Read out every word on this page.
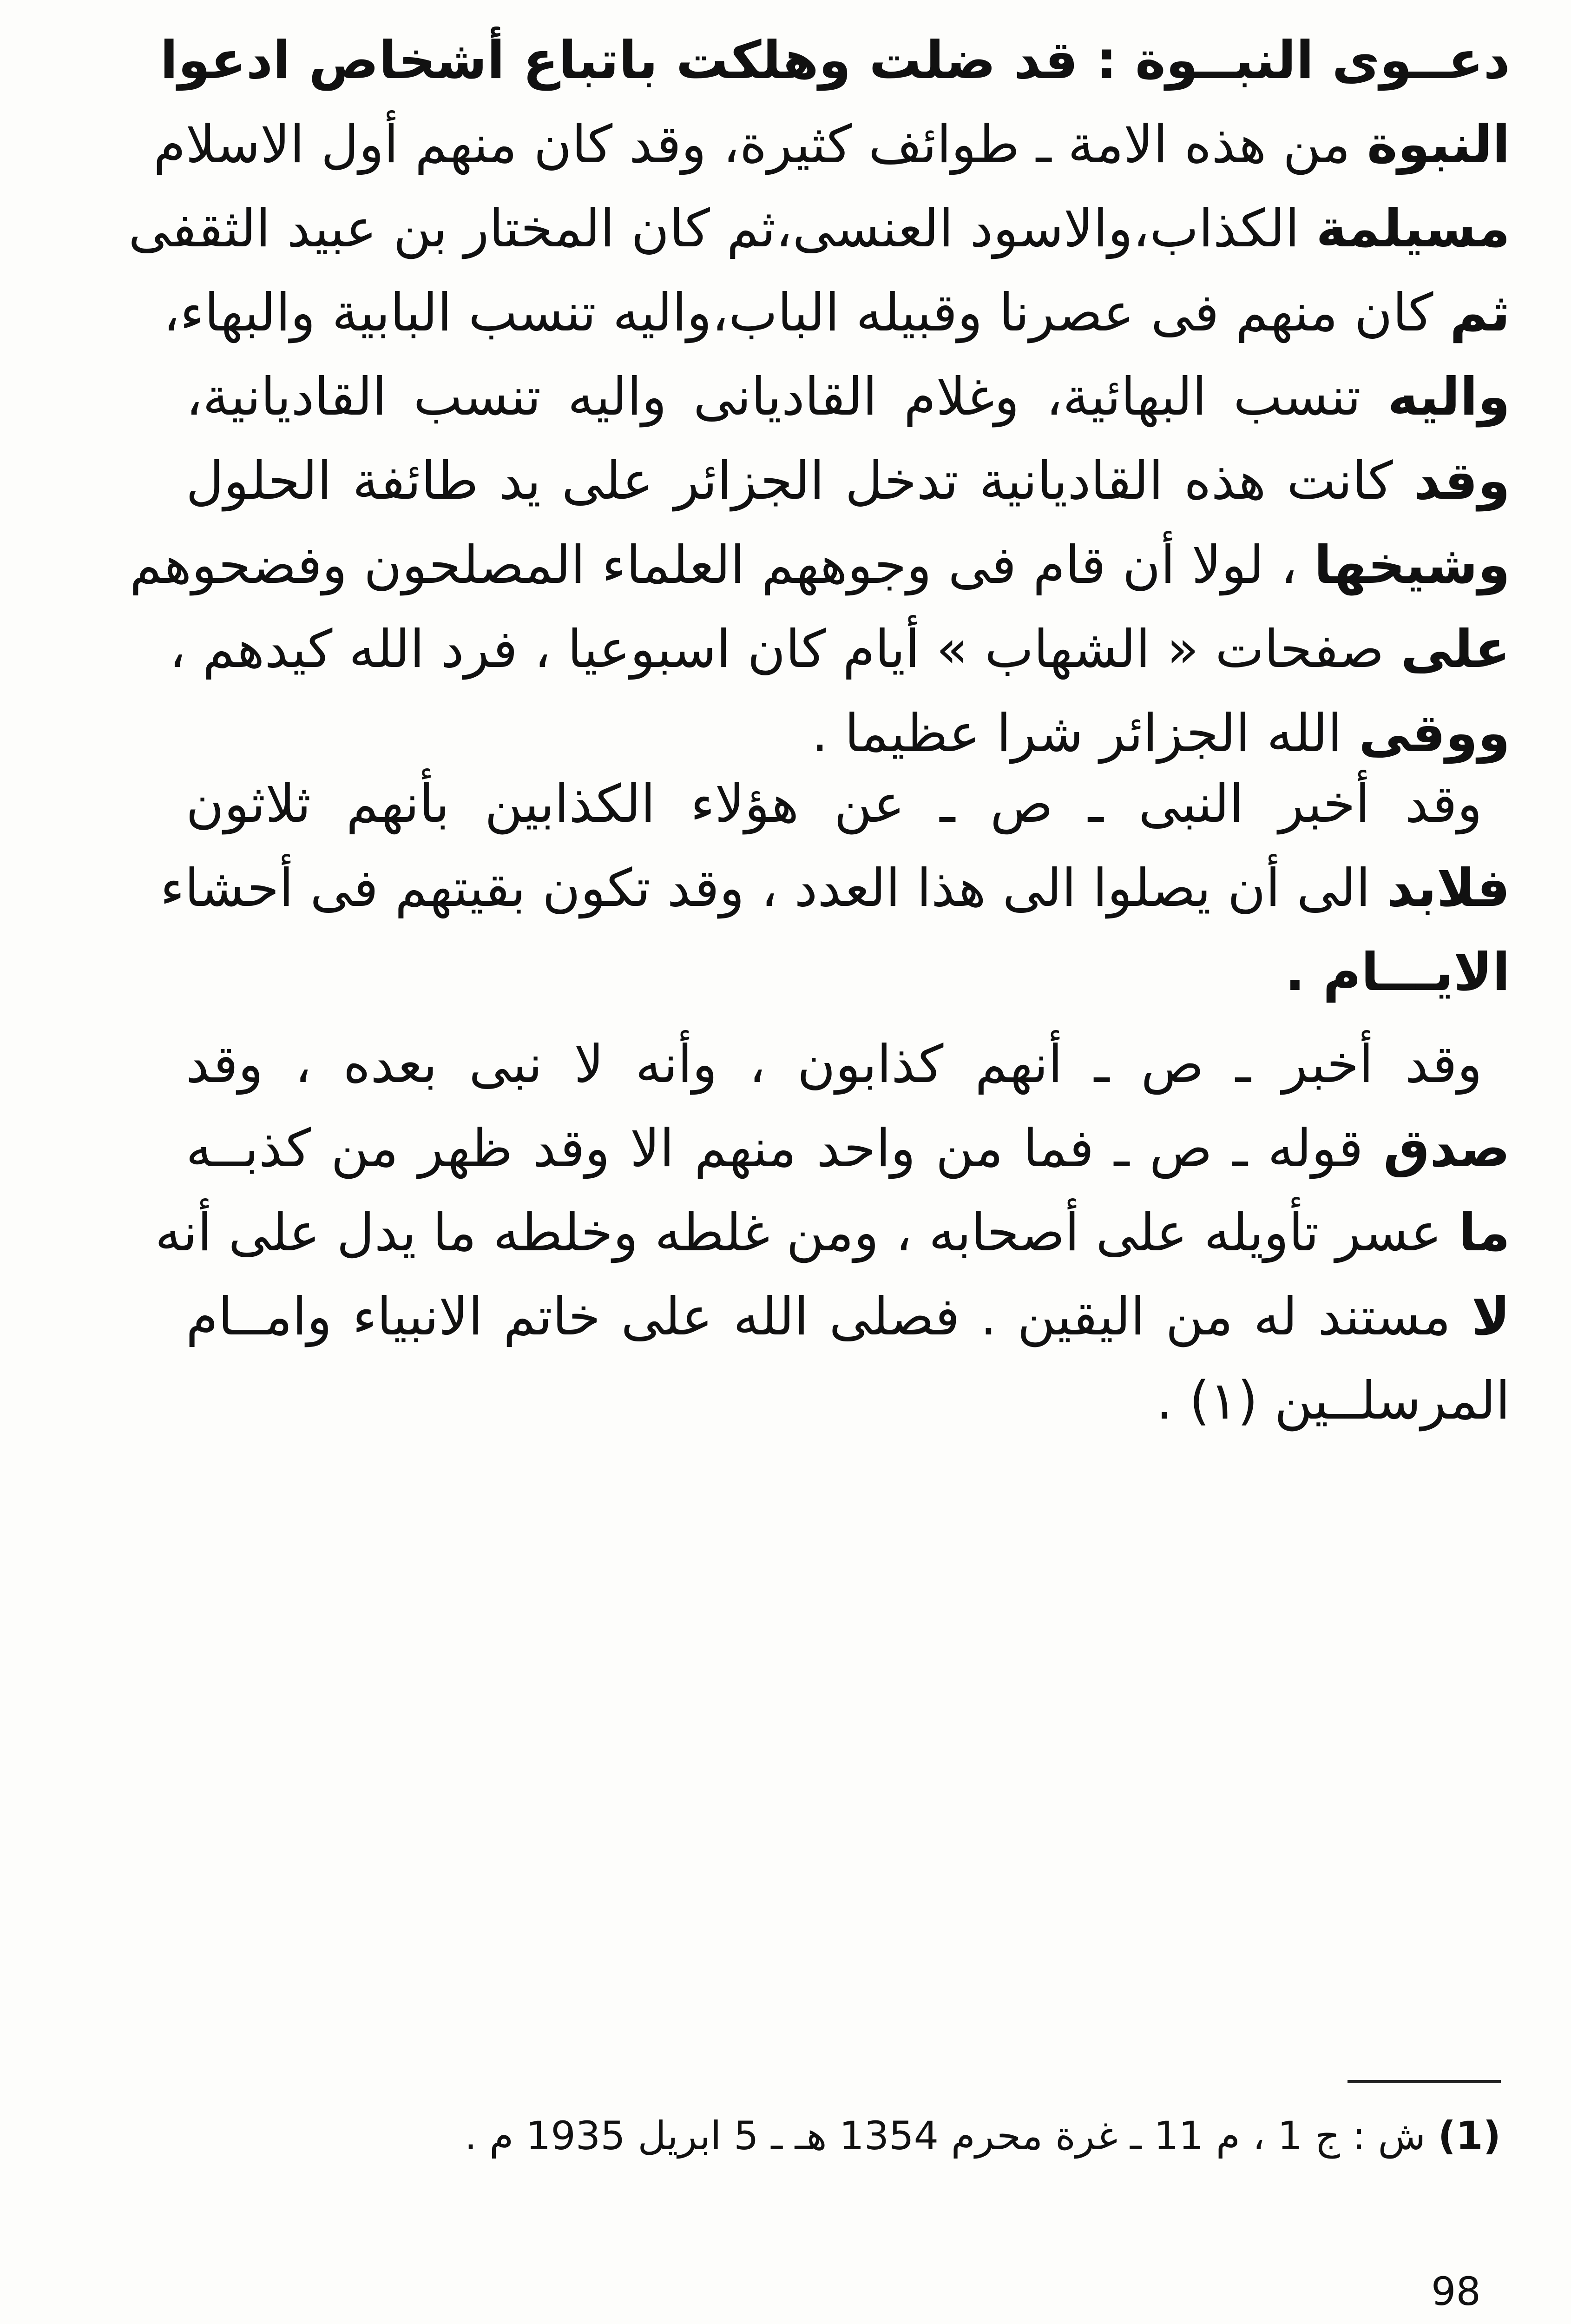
دعــوى النبــوة : قد ضلت وهلكت باتباع أشخاص ادعوا
النبوة من هذه الامة ـ طوائف كثيرة، وقد كان منهم أول الاسلام
مسيلمة الكذاب،والاسود العنسى،ثم كان المختار بن عبيد الثقفى
ثم كان منهم فى عصرنا وقبيله الباب،واليه تنسب البابية والبهاء،
واليه تنسب البهائية، وغلام القاديانى واليه تنسب القاديانية،
وقد كانت هذه القاديانية تدخل الجزائر على يد طائفة الحلول
وشيخها ، لولا أن قام فى وجوههم العلماء المصلحون وفضحوهم
على صفحات « الشهاب » أيام كان اسبوعيا ، فرد الله كيدهم ،
ووقى الله الجزائر شرا عظيما .
وقد أخبر النبى ـ ص ـ عن هؤلاء الكذابين بأنهم ثلاثون
فلابد الى أن يصلوا الى هذا العدد ، وقد تكون بقيتهم فى أحشاء
الايـــام .
وقد أخبر ـ ص ـ أنهم كذابون ، وأنه لا نبى بعده ، وقد
صدق قوله ـ ص ـ فما من واحد منهم الا وقد ظهر من كذبــه
ما عسر تأويله على أصحابه ، ومن غلطه وخلطه ما يدل على أنه
لا مستند له من اليقين . فصلى الله على خاتم الانبياء وامــام
المرسلــين (١) .
(1) ش : ج 1 ، م 11 ـ غرة محرم 1354 هـ ـ 5 ابريل 1935 م .
98
